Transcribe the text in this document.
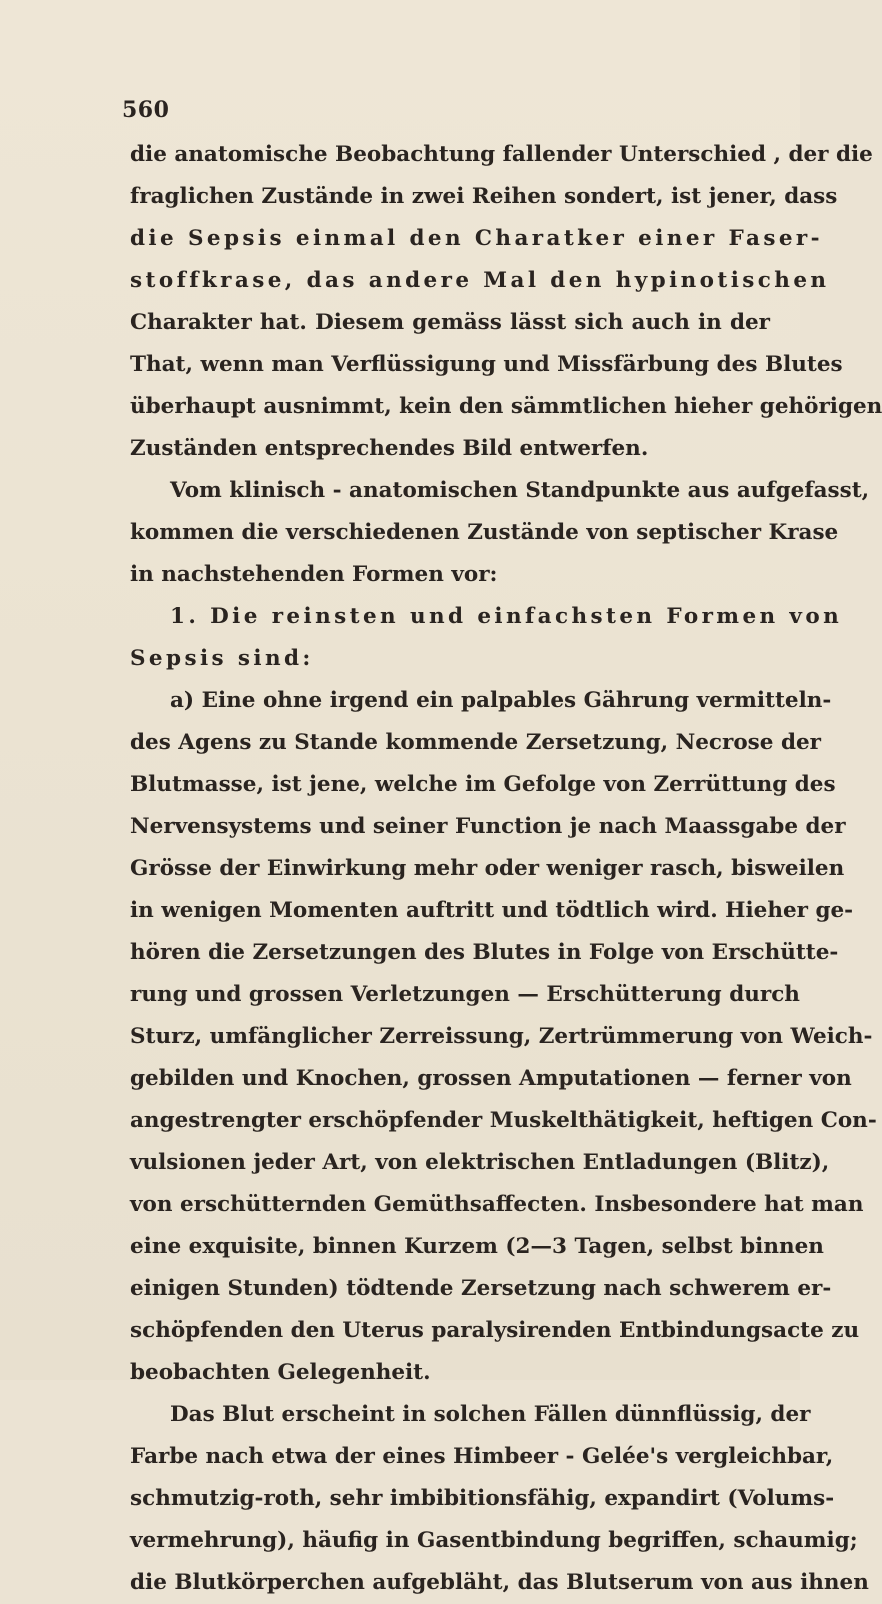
560
die anatomische Beobachtung fallender Unterschied , der die
fraglichen Zustände in zwei Reihen sondert, ist jener, dass
die Sepsis einmal den Charatker einer Faser-
stoffkrase, das andere Mal den hypinotischen
Charakter hat. Diesem gemäss lässt sich auch in der
That, wenn man Verflüssigung und Missfärbung des Blutes
überhaupt ausnimmt, kein den sämmtlichen hieher gehörigen
Zuständen entsprechendes Bild entwerfen.
Vom klinisch - anatomischen Standpunkte aus aufgefasst,
kommen die verschiedenen Zustände von septischer Krase
in nachstehenden Formen vor:
1. Die reinsten und einfachsten Formen von
Sepsis sind:
a) Eine ohne irgend ein palpables Gährung vermitteln-
des Agens zu Stande kommende Zersetzung, Necrose der
Blutmasse, ist jene, welche im Gefolge von Zerrüttung des
Nervensystems und seiner Function je nach Maassgabe der
Grösse der Einwirkung mehr oder weniger rasch, bisweilen
in wenigen Momenten auftritt und tödtlich wird. Hieher ge-
hören die Zersetzungen des Blutes in Folge von Erschütte-
rung und grossen Verletzungen — Erschütterung durch
Sturz, umfänglicher Zerreissung, Zertrümmerung von Weich-
gebilden und Knochen, grossen Amputationen — ferner von
angestrengter erschöpfender Muskelthätigkeit, heftigen Con-
vulsionen jeder Art, von elektrischen Entladungen (Blitz),
von erschütternden Gemüthsaffecten. Insbesondere hat man
eine exquisite, binnen Kurzem (2—3 Tagen, selbst binnen
einigen Stunden) tödtende Zersetzung nach schwerem er-
schöpfenden den Uterus paralysirenden Entbindungsacte zu
beobachten Gelegenheit.
Das Blut erscheint in solchen Fällen dünnflüssig, der
Farbe nach etwa der eines Himbeer - Gelée's vergleichbar,
schmutzig-roth, sehr imbibitionsfähig, expandirt (Volums-
vermehrung), häufig in Gasentbindung begriffen, schaumig;
die Blutkörperchen aufgebläht, das Blutserum von aus ihnen
